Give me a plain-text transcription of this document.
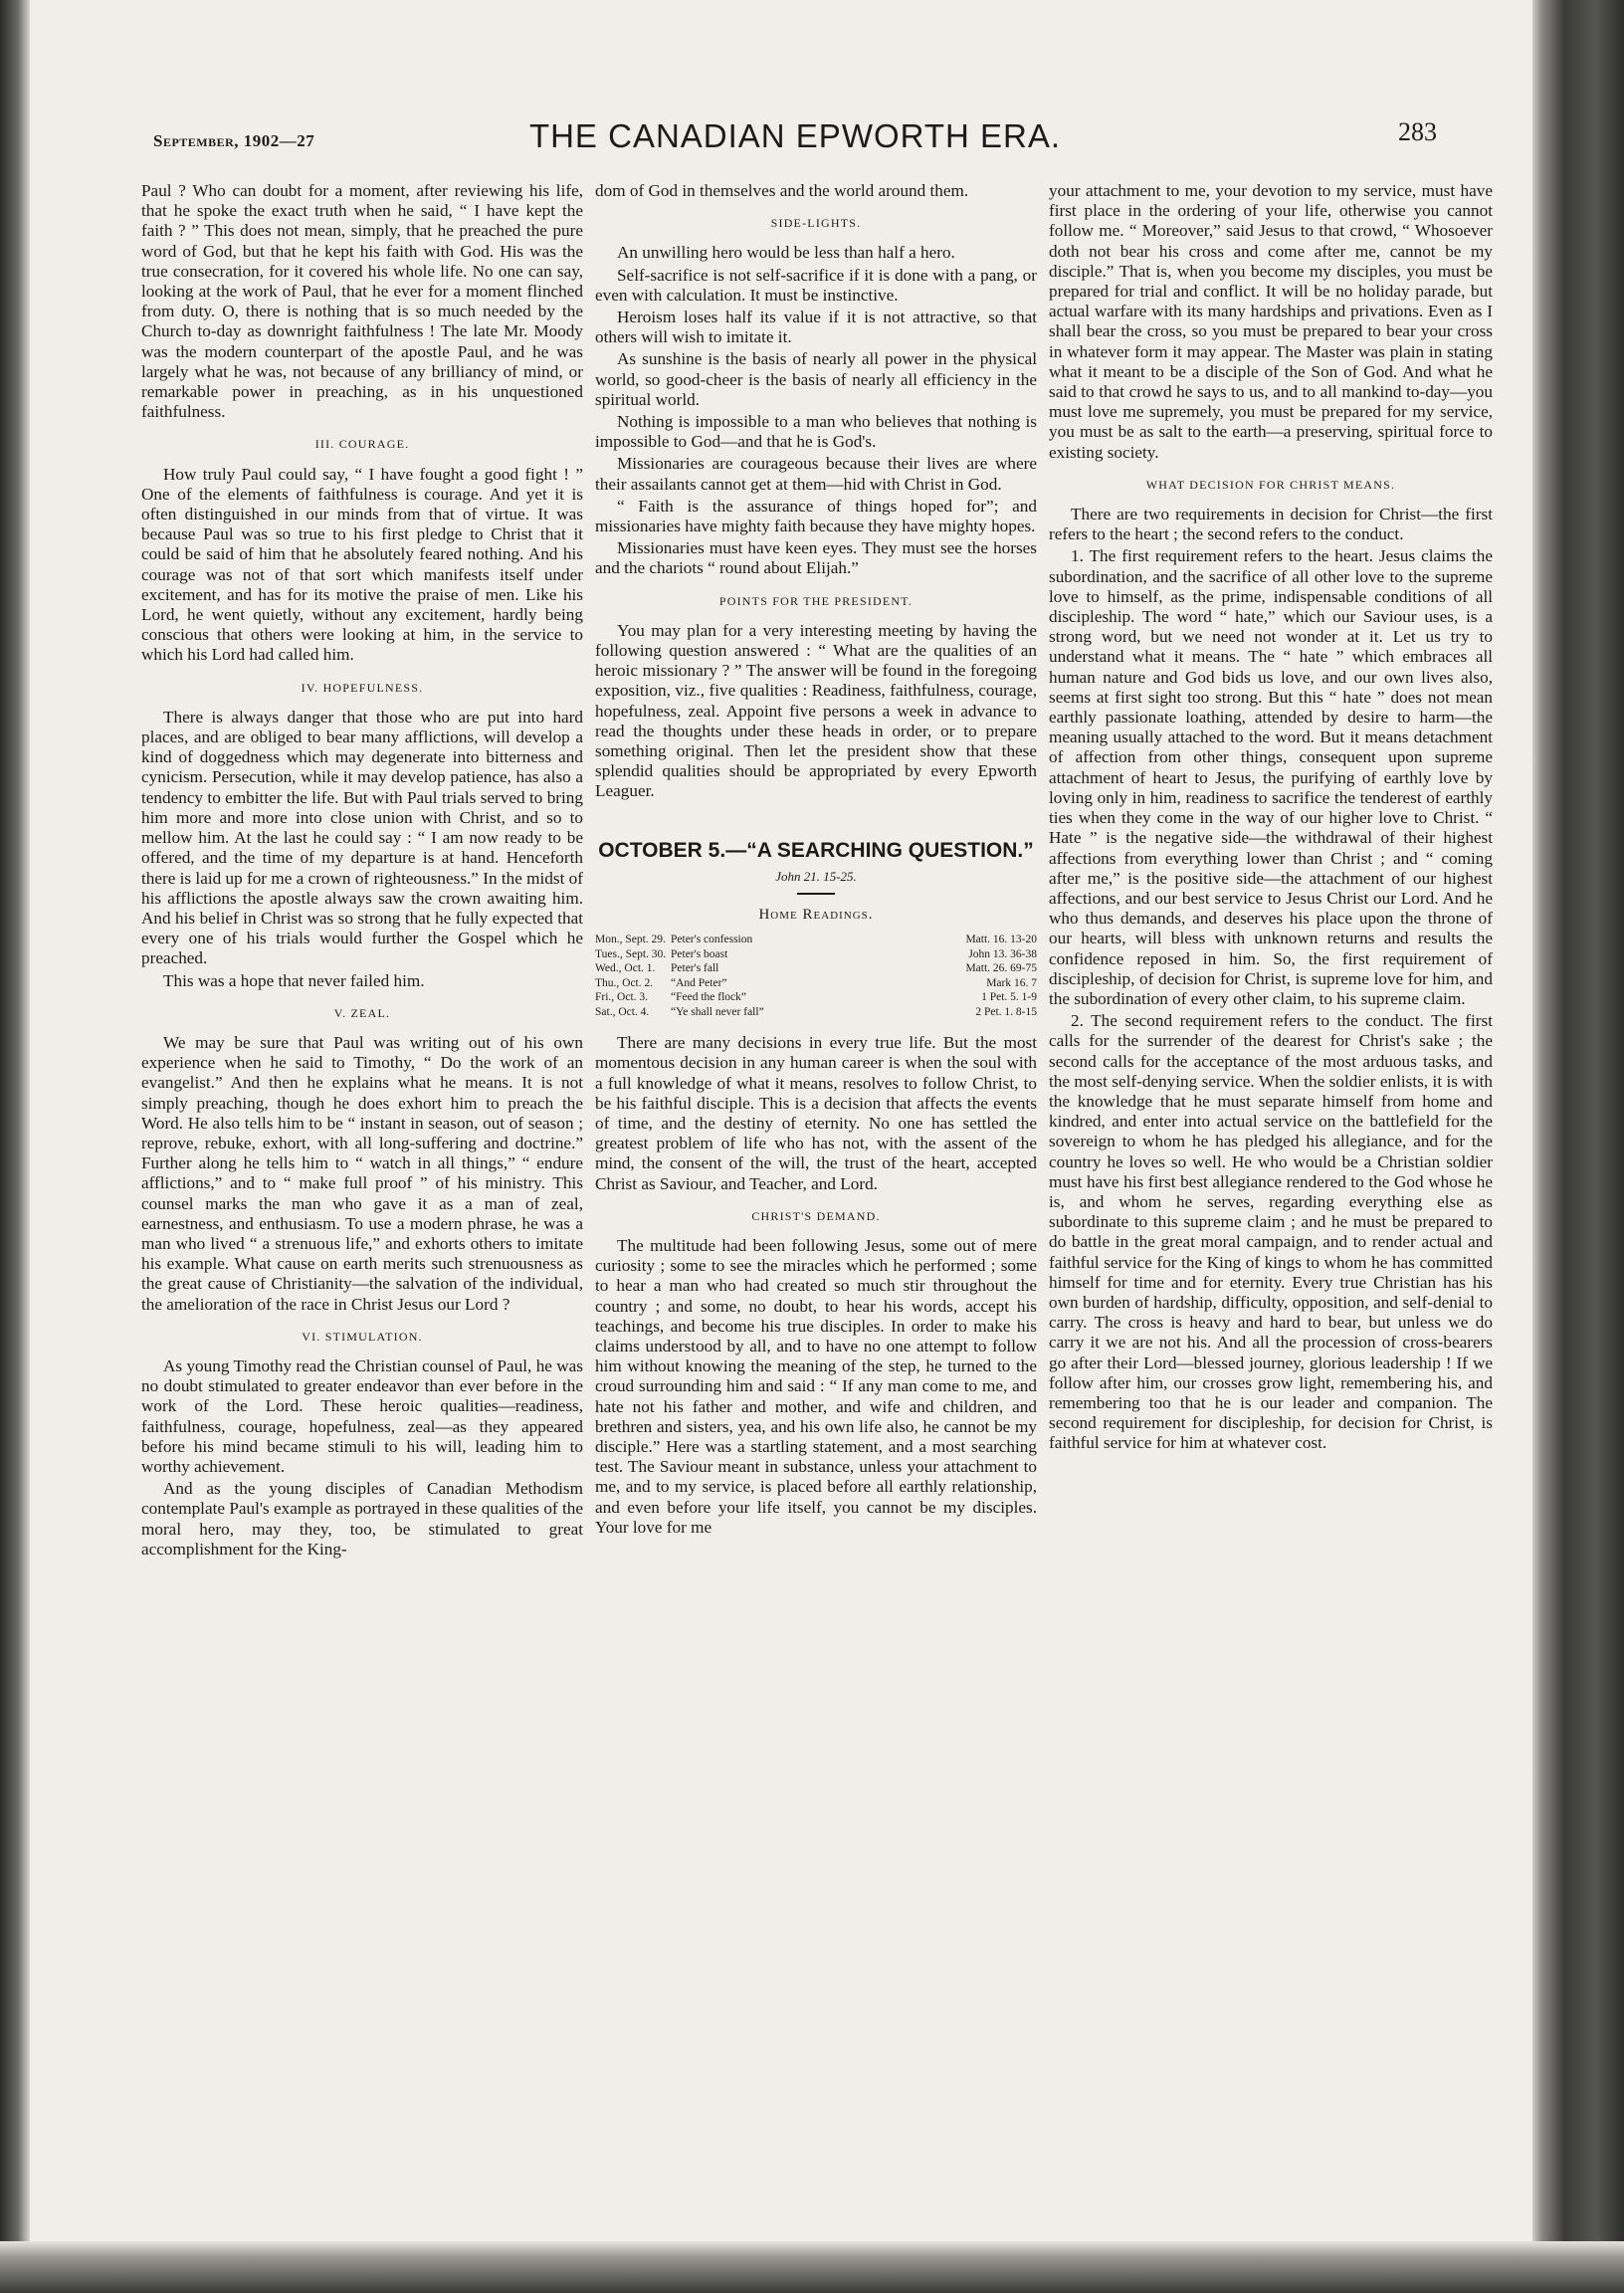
September, 1902—27	THE CANADIAN EPWORTH ERA.	283

Paul ? Who can doubt for a moment, after reviewing his life, that he spoke the exact truth when he said, “ I have kept the faith ? ” This does not mean, simply, that he preached the pure word of God, but that he kept his faith with God. His was the true consecration, for it covered his whole life. No one can say, looking at the work of Paul, that he ever for a moment flinched from duty. O, there is nothing that is so much needed by the Church to-day as downright faithfulness ! The late Mr. Moody was the modern counterpart of the apostle Paul, and he was largely what he was, not because of any brilliancy of mind, or remarkable power in preaching, as in his unquestioned faithfulness.

III. COURAGE.

How truly Paul could say, “ I have fought a good fight ! ” One of the elements of faithfulness is courage. And yet it is often distinguished in our minds from that of virtue. It was because Paul was so true to his first pledge to Christ that it could be said of him that he absolutely feared nothing. And his courage was not of that sort which manifests itself under excitement, and has for its motive the praise of men. Like his Lord, he went quietly, without any excitement, hardly being conscious that others were looking at him, in the service to which his Lord had called him.

IV. HOPEFULNESS.

There is always danger that those who are put into hard places, and are obliged to bear many afflictions, will develop a kind of doggedness which may degenerate into bitterness and cynicism. Persecution, while it may develop patience, has also a tendency to embitter the life. But with Paul trials served to bring him more and more into close union with Christ, and so to mellow him. At the last he could say : “ I am now ready to be offered, and the time of my departure is at hand. Henceforth there is laid up for me a crown of righteousness.” In the midst of his afflictions the apostle always saw the crown awaiting him. And his belief in Christ was so strong that he fully expected that every one of his trials would further the Gospel which he preached.

This was a hope that never failed him.

V. ZEAL.

We may be sure that Paul was writing out of his own experience when he said to Timothy, “ Do the work of an evangelist.” And then he explains what he means. It is not simply preaching, though he does exhort him to preach the Word. He also tells him to be “ instant in season, out of season ; reprove, rebuke, exhort, with all long-suffering and doctrine.” Further along he tells him to “ watch in all things,” “ endure afflictions,” and to “ make full proof ” of his ministry. This counsel marks the man who gave it as a man of zeal, earnestness, and enthusiasm. To use a modern phrase, he was a man who lived “ a strenuous life,” and exhorts others to imitate his example. What cause on earth merits such strenuousness as the great cause of Christianity—the salvation of the individual, the amelioration of the race in Christ Jesus our Lord ?

VI. STIMULATION.

As young Timothy read the Christian counsel of Paul, he was no doubt stimulated to greater endeavor than ever before in the work of the Lord. These heroic qualities—readiness, faithfulness, courage, hopefulness, zeal—as they appeared before his mind became stimuli to his will, leading him to worthy achievement.

And as the young disciples of Canadian Methodism contemplate Paul's example as portrayed in these qualities of the moral hero, may they, too, be stimulated to great accomplishment for the King-

dom of God in themselves and the world around them.

SIDE-LIGHTS.

An unwilling hero would be less than half a hero.

Self-sacrifice is not self-sacrifice if it is done with a pang, or even with calculation. It must be instinctive.

Heroism loses half its value if it is not attractive, so that others will wish to imitate it.

As sunshine is the basis of nearly all power in the physical world, so good-cheer is the basis of nearly all efficiency in the spiritual world.

Nothing is impossible to a man who believes that nothing is impossible to God—and that he is God's.

Missionaries are courageous because their lives are where their assailants cannot get at them—hid with Christ in God.

“ Faith is the assurance of things hoped for”; and missionaries have mighty faith because they have mighty hopes.

Missionaries must have keen eyes. They must see the horses and the chariots “ round about Elijah.”

POINTS FOR THE PRESIDENT.

You may plan for a very interesting meeting by having the following question answered : “ What are the qualities of an heroic missionary ? ” The answer will be found in the foregoing exposition, viz., five qualities : Readiness, faithfulness, courage, hopefulness, zeal. Appoint five persons a week in advance to read the thoughts under these heads in order, or to prepare something original. Then let the president show that these splendid qualities should be appropriated by every Epworth Leaguer.

OCTOBER 5.—“A SEARCHING QUESTION.”
John 21. 15-25.
Home Readings.
Mon., Sept. 29.	Peter's confession	Matt. 16. 13-20
Tues., Sept. 30.	Peter's boast	John 13. 36-38
Wed., Oct. 1.	Peter's fall	Matt. 26. 69-75
Thu., Oct. 2.	“And Peter”	Mark 16. 7
Fri., Oct. 3.	“Feed the flock”	1 Pet. 5. 1-9
Sat., Oct. 4.	“Ye shall never fall”	2 Pet. 1. 8-15

There are many decisions in every true life. But the most momentous decision in any human career is when the soul with a full knowledge of what it means, resolves to follow Christ, to be his faithful disciple. This is a decision that affects the events of time, and the destiny of eternity. No one has settled the greatest problem of life who has not, with the assent of the mind, the consent of the will, the trust of the heart, accepted Christ as Saviour, and Teacher, and Lord.

CHRIST'S DEMAND.

The multitude had been following Jesus, some out of mere curiosity ; some to see the miracles which he performed ; some to hear a man who had created so much stir throughout the country ; and some, no doubt, to hear his words, accept his teachings, and become his true disciples. In order to make his claims understood by all, and to have no one attempt to follow him without knowing the meaning of the step, he turned to the croud surrounding him and said : “ If any man come to me, and hate not his father and mother, and wife and children, and brethren and sisters, yea, and his own life also, he cannot be my disciple.” Here was a startling statement, and a most searching test. The Saviour meant in substance, unless your attachment to me, and to my service, is placed before all earthly relationship, and even before your life itself, you cannot be my disciples. Your love for me

your attachment to me, your devotion to my service, must have first place in the ordering of your life, otherwise you cannot follow me. “ Moreover,” said Jesus to that crowd, “ Whosoever doth not bear his cross and come after me, cannot be my disciple.” That is, when you become my disciples, you must be prepared for trial and conflict. It will be no holiday parade, but actual warfare with its many hardships and privations. Even as I shall bear the cross, so you must be prepared to bear your cross in whatever form it may appear. The Master was plain in stating what it meant to be a disciple of the Son of God. And what he said to that crowd he says to us, and to all mankind to-day—you must love me supremely, you must be prepared for my service, you must be as salt to the earth—a preserving, spiritual force to existing society.

WHAT DECISION FOR CHRIST MEANS.

There are two requirements in decision for Christ—the first refers to the heart ; the second refers to the conduct.

1. The first requirement refers to the heart. Jesus claims the subordination, and the sacrifice of all other love to the supreme love to himself, as the prime, indispensable conditions of all discipleship. The word “ hate,” which our Saviour uses, is a strong word, but we need not wonder at it. Let us try to understand what it means. The “ hate ” which embraces all human nature and God bids us love, and our own lives also, seems at first sight too strong. But this “ hate ” does not mean earthly passionate loathing, attended by desire to harm—the meaning usually attached to the word. But it means detachment of affection from other things, consequent upon supreme attachment of heart to Jesus, the purifying of earthly love by loving only in him, readiness to sacrifice the tenderest of earthly ties when they come in the way of our higher love to Christ. “ Hate ” is the negative side—the withdrawal of their highest affections from everything lower than Christ ; and “ coming after me,” is the positive side—the attachment of our highest affections, and our best service to Jesus Christ our Lord. And he who thus demands, and deserves his place upon the throne of our hearts, will bless with unknown returns and results the confidence reposed in him. So, the first requirement of discipleship, of decision for Christ, is supreme love for him, and the subordination of every other claim, to his supreme claim.

2. The second requirement refers to the conduct. The first calls for the surrender of the dearest for Christ's sake ; the second calls for the acceptance of the most arduous tasks, and the most self-denying service. When the soldier enlists, it is with the knowledge that he must separate himself from home and kindred, and enter into actual service on the battlefield for the sovereign to whom he has pledged his allegiance, and for the country he loves so well. He who would be a Christian soldier must have his first best allegiance rendered to the God whose he is, and whom he serves, regarding everything else as subordinate to this supreme claim ; and he must be prepared to do battle in the great moral campaign, and to render actual and faithful service for the King of kings to whom he has committed himself for time and for eternity. Every true Christian has his own burden of hardship, difficulty, opposition, and self-denial to carry. The cross is heavy and hard to bear, but unless we do carry it we are not his. And all the procession of cross-bearers go after their Lord—blessed journey, glorious leadership ! If we follow after him, our crosses grow light, remembering his, and remembering too that he is our leader and companion. The second requirement for discipleship, for decision for Christ, is faithful service for him at whatever cost.
